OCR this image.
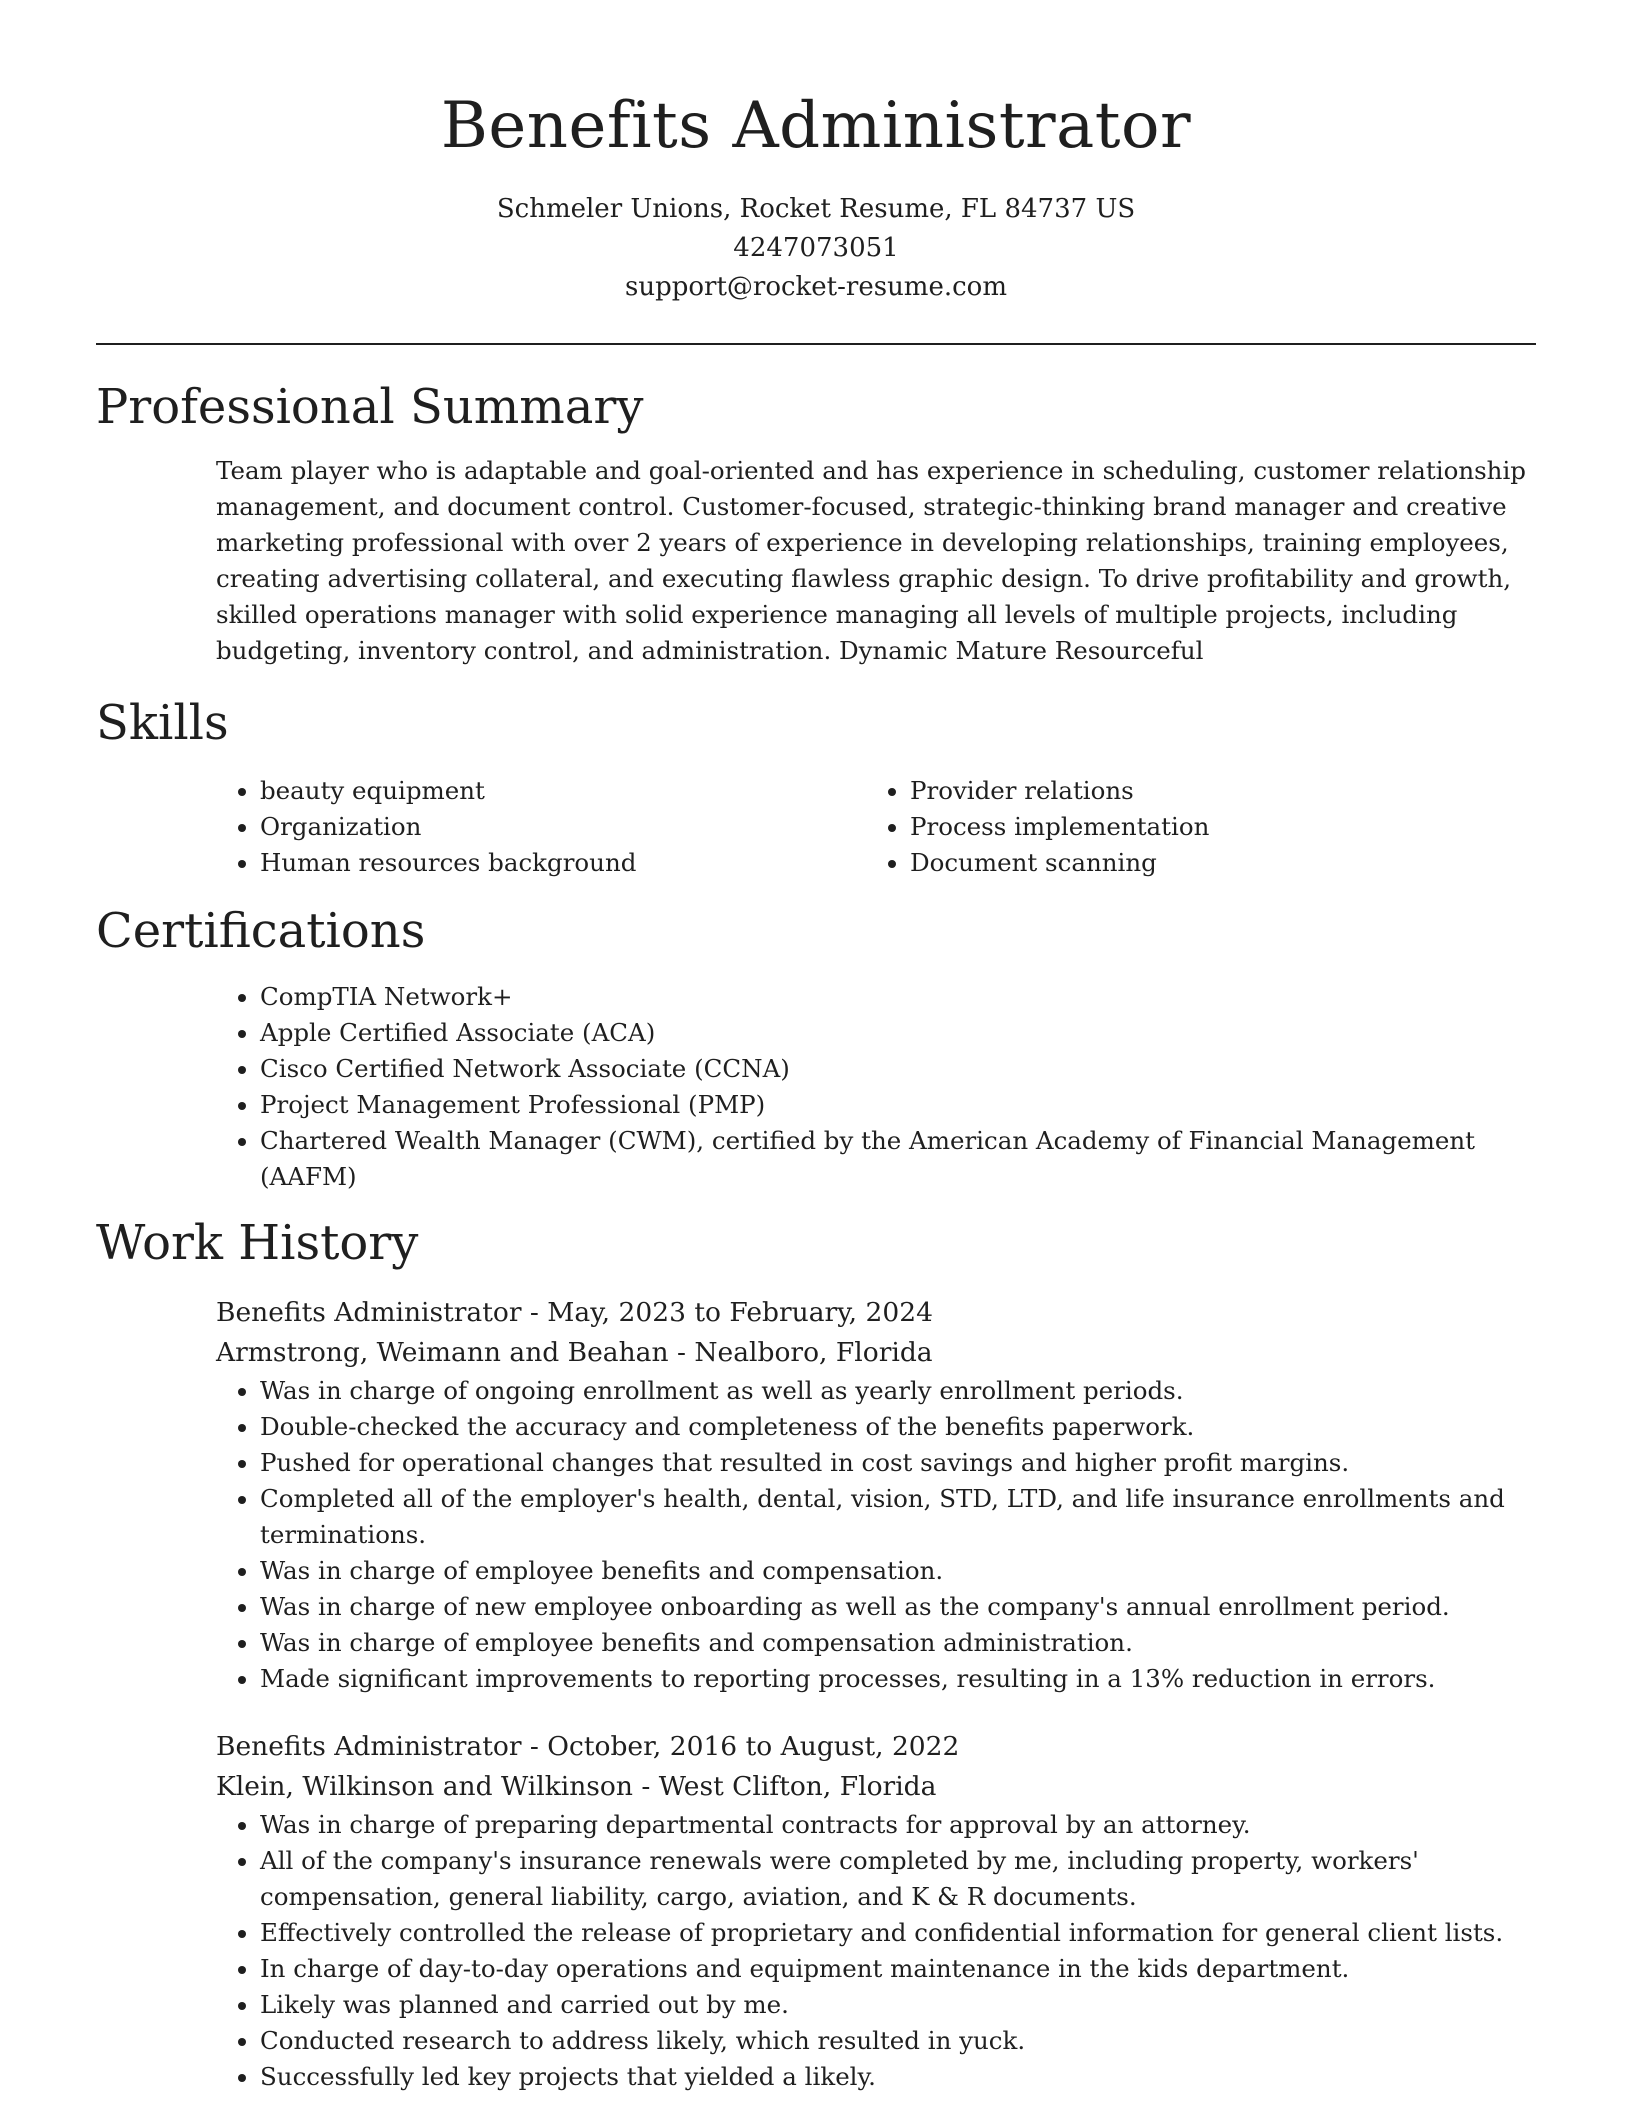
Benefits Administrator

Schmeler Unions, Rocket Resume, FL 84737 US

4247073051

support@rocket-resume.com

Professional Summary

Team player who is adaptable and goal-oriented and has experience in scheduling, customer relationship management, and document control. Customer-focused, strategic-thinking brand manager and creative marketing professional with over 2 years of experience in developing relationships, training employees, creating advertising collateral, and executing flawless graphic design. To drive profitability and growth, skilled operations manager with solid experience managing all levels of multiple projects, including budgeting, inventory control, and administration. Dynamic Mature Resourceful

Skills
• beauty equipment
• Organization
• Human resources background
• Provider relations
• Process implementation
• Document scanning
Certifications
• CompTIA Network+
• Apple Certified Associate (ACA)
• Cisco Certified Network Associate (CCNA)
• Project Management Professional (PMP)
• Chartered Wealth Manager (CWM), certified by the American Academy of Financial Management (AAFM)
Work History

Benefits Administrator - May, 2023 to February, 2024

Armstrong, Weimann and Beahan - Nealboro, Florida

• Was in charge of ongoing enrollment as well as yearly enrollment periods.
• Double-checked the accuracy and completeness of the benefits paperwork.
• Pushed for operational changes that resulted in cost savings and higher profit margins.
• Completed all of the employer's health, dental, vision, STD, LTD, and life insurance enrollments and terminations.
• Was in charge of employee benefits and compensation.
• Was in charge of new employee onboarding as well as the company's annual enrollment period.
• Was in charge of employee benefits and compensation administration.
• Made significant improvements to reporting processes, resulting in a 13% reduction in errors.

Benefits Administrator - October, 2016 to August, 2022

Klein, Wilkinson and Wilkinson - West Clifton, Florida

• Was in charge of preparing departmental contracts for approval by an attorney.
• All of the company's insurance renewals were completed by me, including property, workers' compensation, general liability, cargo, aviation, and K & R documents.
• Effectively controlled the release of proprietary and confidential information for general client lists.
• In charge of day-to-day operations and equipment maintenance in the kids department.
• Likely was planned and carried out by me.
• Conducted research to address likely, which resulted in yuck.
• Successfully led key projects that yielded a likely.
